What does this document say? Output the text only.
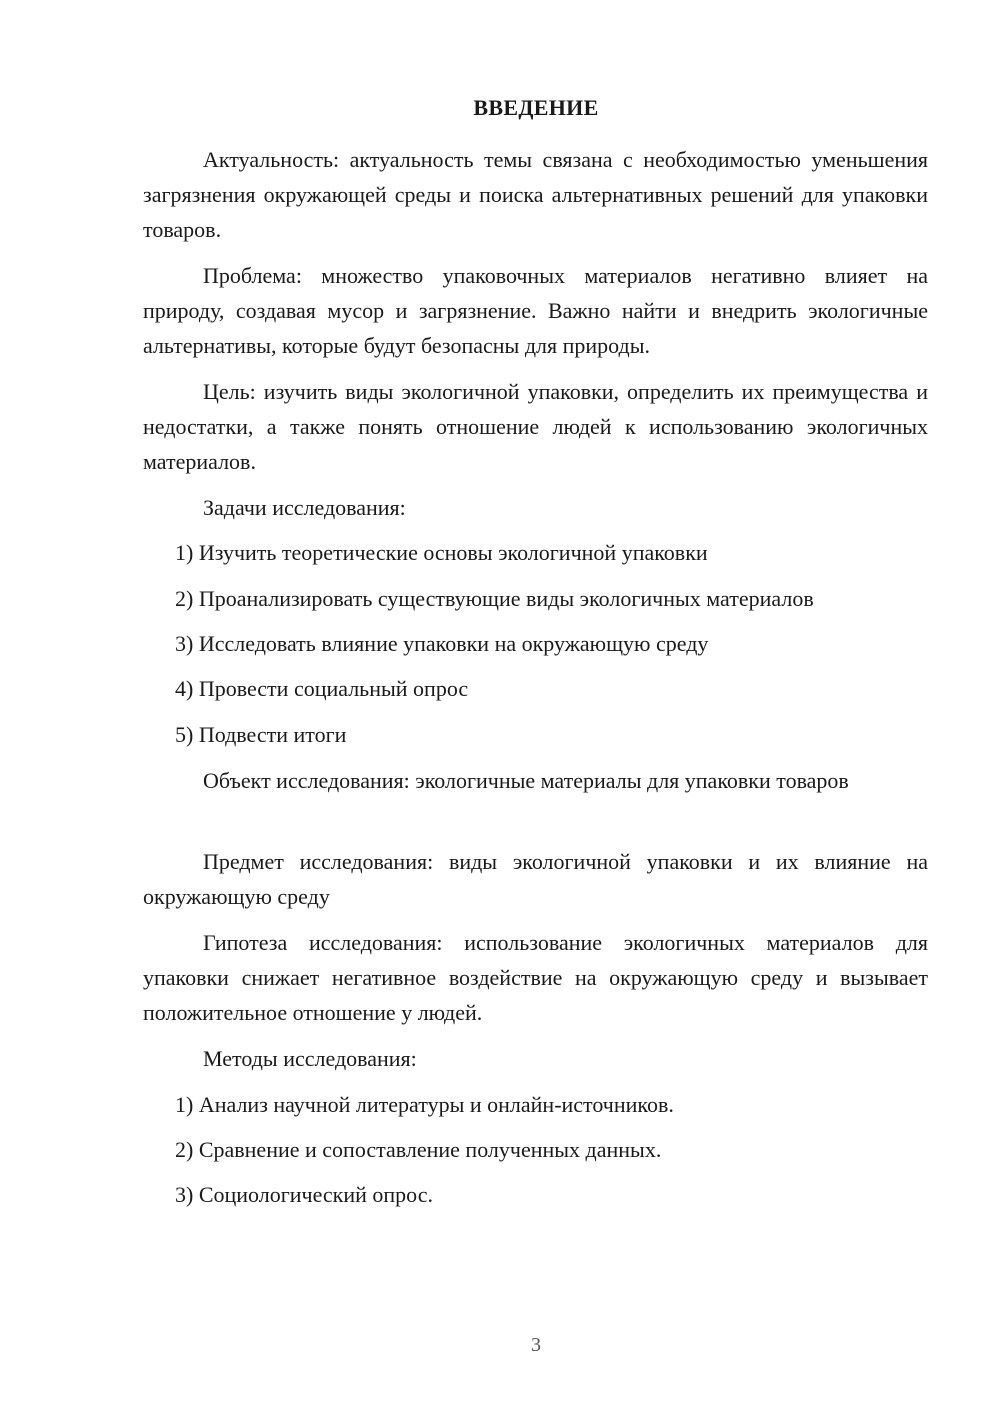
ВВЕДЕНИЕ

Актуальность: актуальность темы связана с необходимостью уменьшения загрязнения окружающей среды и поиска альтернативных решений для упаковки товаров.

Проблема: множество упаковочных материалов негативно влияет на природу, создавая мусор и загрязнение. Важно найти и внедрить экологичные альтернативы, которые будут безопасны для природы.

Цель: изучить виды экологичной упаковки, определить их преимущества и недостатки, а также понять отношение людей к использованию экологичных материалов.

Задачи исследования:

1) Изучить теоретические основы экологичной упаковки

2) Проанализировать существующие виды экологичных материалов

3) Исследовать влияние упаковки на окружающую среду

4) Провести социальный опрос

5) Подвести итоги

Объект исследования: экологичные материалы для упаковки товаров

Предмет исследования: виды экологичной упаковки и их влияние на окружающую среду

Гипотеза исследования: использование экологичных материалов для упаковки снижает негативное воздействие на окружающую среду и вызывает положительное отношение у людей.

Методы исследования:

1) Анализ научной литературы и онлайн-источников.

2) Сравнение и сопоставление полученных данных.

3) Социологический опрос.

3
